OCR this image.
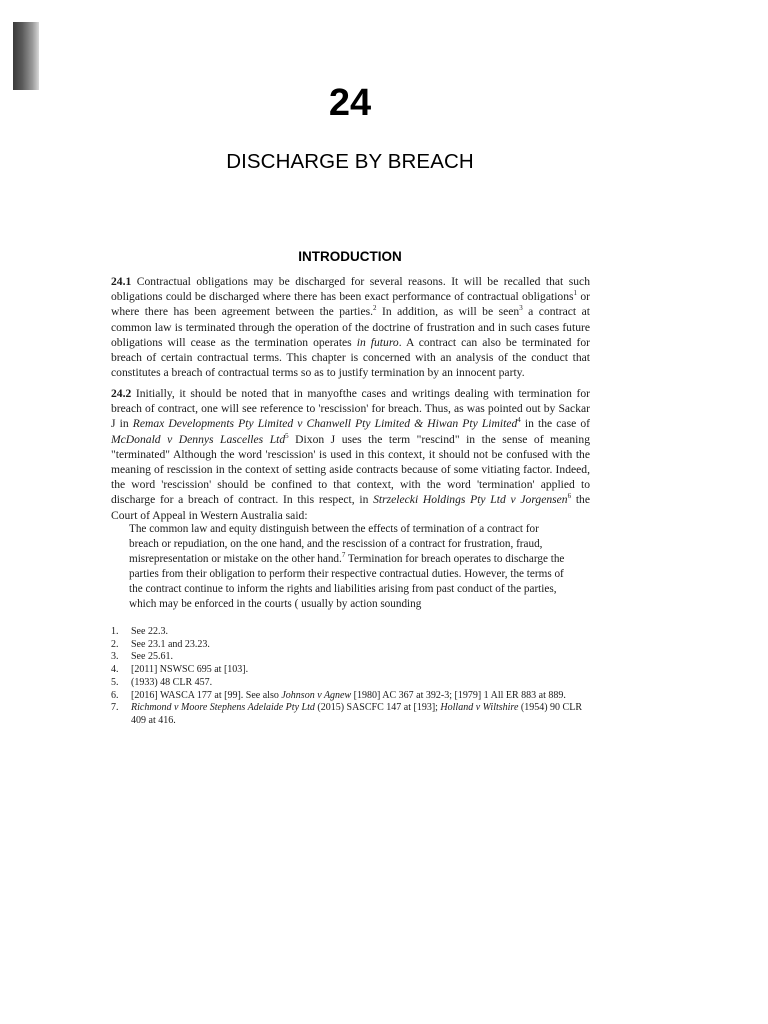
24
DISCHARGE BY BREACH
INTRODUCTION

24.1 Contractual obligations may be discharged for several reasons. It will be recalled that such obligations could be discharged where there has been exact performance of contractual obligations$^1$ or where there has been agreement between the parties.$^2$ In addition, as will be seen$^3$ a contract at common law is terminated through the operation of the doctrine of frustration and in such cases future obligations will cease as the termination operates in futuro. A contract can also be terminated for breach of certain contractual terms. This chapter is concerned with an analysis of the conduct that constitutes a breach of contractual terms so as to justify termination by an innocent party.

24.2 Initially, it should be noted that in manyofthe cases and writings dealing with termination for breach of contract, one will see reference to 'rescission' for breach. Thus, as was pointed out by Sackar J in Remax Developments Pty Limited v Chanwell Pty Limited & Hiwan Pty Limited$^4$ in the case of McDonald v Dennys Lascelles Ltd$^5$ Dixon J uses the term "rescind" in the sense of meaning "terminated" Although the word 'rescission' is used in this context, it should not be confused with the meaning of rescission in the context of setting aside contracts because of some vitiating factor. Indeed, the word 'rescission' should be confined to that context, with the word 'termination' applied to discharge for a breach of contract. In this respect, in Strzelecki Holdings Pty Ltd v Jorgensen$^6$ the Court of Appeal in Western Australia said:

The common law and equity distinguish between the effects of termination of a contract for breach or repudiation, on the one hand, and the rescission of a contract for frustration, fraud, misrepresentation or mistake on the other hand.$^7$ Termination for breach operates to discharge the parties from their obligation to perform their respective contractual duties. However, the terms of the contract continue to inform the rights and liabilities arising from past conduct of the parties, which may be enforced in the courts ( usually by action sounding

1.	See 22.3.
2.	See 23.1 and 23.23.
3.	See 25.61.
4.	[2011] NSWSC 695 at [103].
5.	(1933) 48 CLR 457.
6.	[2016] WASCA 177 at [99]. See also Johnson v Agnew [1980] AC 367 at 392-3; [1979] 1 All ER 883 at 889.
7.	Richmond v Moore Stephens Adelaide Pty Ltd (2015) SASCFC 147 at [193]; Holland v Wiltshire (1954) 90 CLR 409 at 416.
